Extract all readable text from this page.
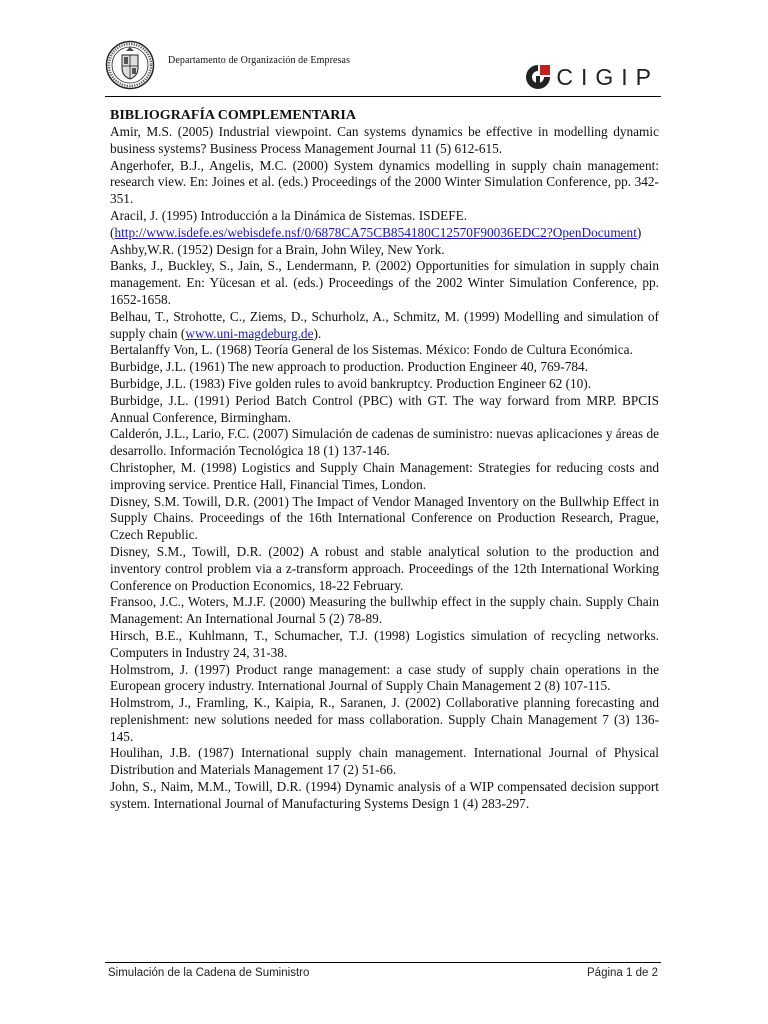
Departamento de Organización de Empresas
CIGIP
BIBLIOGRAFÍA COMPLEMENTARIA
Amir, M.S. (2005) Industrial viewpoint. Can systems dynamics be effective in modelling dynamic business systems? Business Process Management Journal 11 (5) 612-615.
Angerhofer, B.J., Angelis, M.C. (2000) System dynamics modelling in supply chain management: research view. En: Joines et al. (eds.) Proceedings of the 2000 Winter Simulation Conference, pp. 342-351.
Aracil, J. (1995) Introducción a la Dinámica de Sistemas. ISDEFE.
(http://www.isdefe.es/webisdefe.nsf/0/6878CA75CB854180C12570F90036EDC2?OpenDocument)
Ashby,W.R. (1952) Design for a Brain, John Wiley, New York.
Banks, J., Buckley, S., Jain, S., Lendermann, P. (2002) Opportunities for simulation in supply chain management. En: Yücesan et al. (eds.) Proceedings of the 2002 Winter Simulation Conference, pp. 1652-1658.
Belhau, T., Strohotte, C., Ziems, D., Schurholz, A., Schmitz, M. (1999) Modelling and simulation of supply chain (www.uni-magdeburg.de).
Bertalanffy Von, L. (1968) Teoría General de los Sistemas. México: Fondo de Cultura Económica.
Burbidge, J.L. (1961) The new approach to production. Production Engineer 40, 769-784.
Burbidge, J.L. (1983) Five golden rules to avoid bankruptcy. Production Engineer 62 (10).
Burbidge, J.L. (1991) Period Batch Control (PBC) with GT. The way forward from MRP. BPCIS Annual Conference, Birmingham.
Calderón, J.L., Lario, F.C. (2007) Simulación de cadenas de suministro: nuevas aplicaciones y áreas de desarrollo. Información Tecnológica 18 (1) 137-146.
Christopher, M. (1998) Logistics and Supply Chain Management: Strategies for reducing costs and improving service. Prentice Hall, Financial Times, London.
Disney, S.M. Towill, D.R. (2001) The Impact of Vendor Managed Inventory on the Bullwhip Effect in Supply Chains. Proceedings of the 16th International Conference on Production Research, Prague, Czech Republic.
Disney, S.M., Towill, D.R. (2002) A robust and stable analytical solution to the production and inventory control problem via a z-transform approach. Proceedings of the 12th International Working Conference on Production Economics, 18-22 February.
Fransoo, J.C., Woters, M.J.F. (2000) Measuring the bullwhip effect in the supply chain. Supply Chain Management: An International Journal 5 (2) 78-89.
Hirsch, B.E., Kuhlmann, T., Schumacher, T.J. (1998) Logistics simulation of recycling networks. Computers in Industry 24, 31-38.
Holmstrom, J. (1997) Product range management: a case study of supply chain operations in the European grocery industry. International Journal of Supply Chain Management 2 (8) 107-115.
Holmstrom, J., Framling, K., Kaipia, R., Saranen, J. (2002) Collaborative planning forecasting and replenishment: new solutions needed for mass collaboration. Supply Chain Management 7 (3) 136-145.
Houlihan, J.B. (1987) International supply chain management. International Journal of Physical Distribution and Materials Management 17 (2) 51-66.
John, S., Naim, M.M., Towill, D.R. (1994) Dynamic analysis of a WIP compensated decision support system. International Journal of Manufacturing Systems Design 1 (4) 283-297.
Simulación de la Cadena de Suministro	Página 1 de 2
